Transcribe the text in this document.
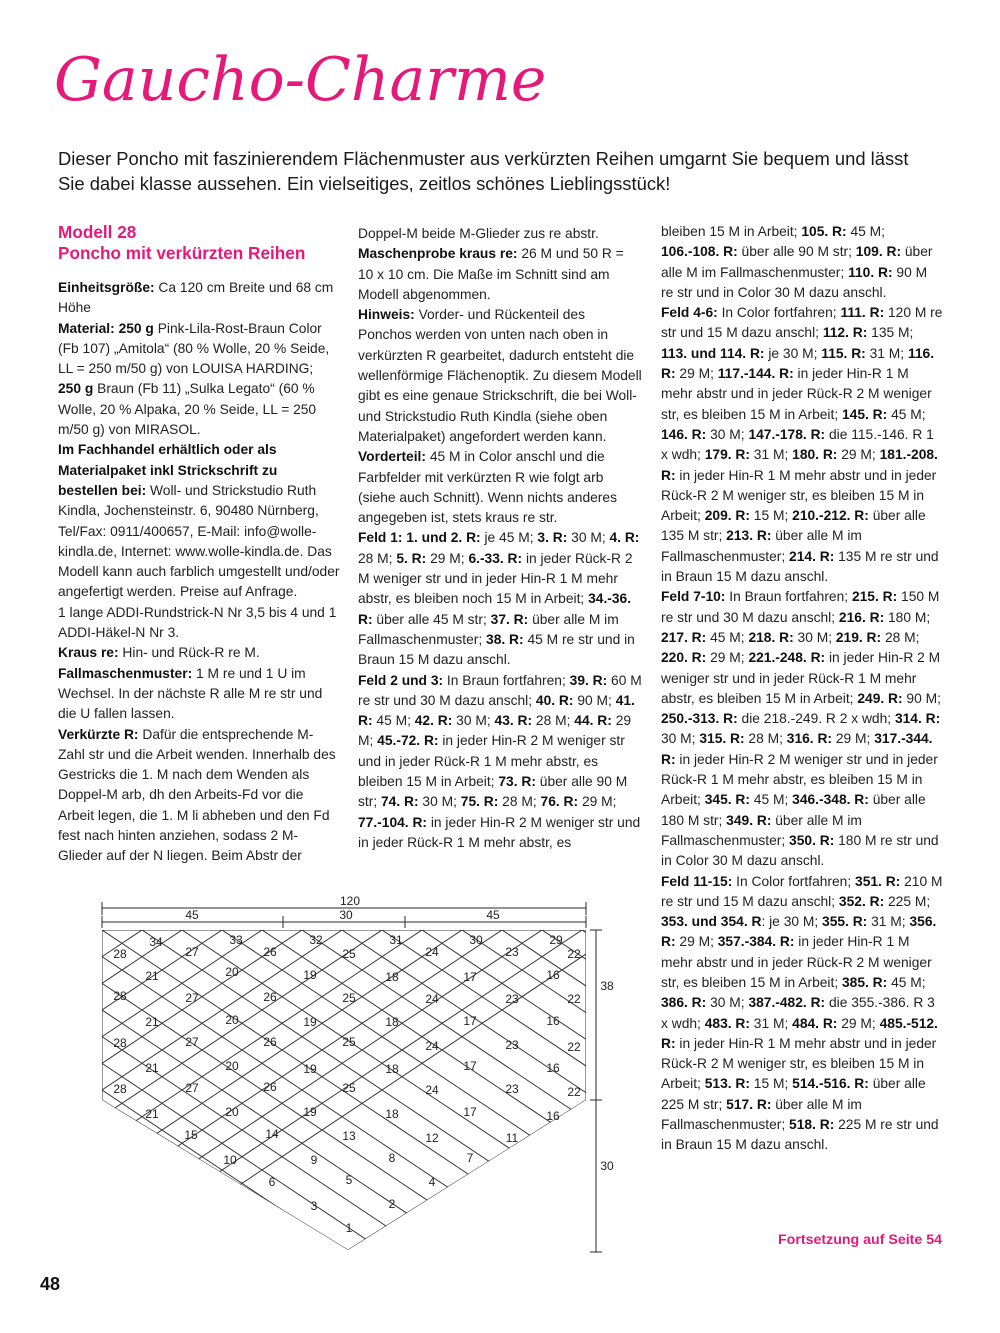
Gaucho-Charme
Dieser Poncho mit faszinierendem Flächenmuster aus verkürzten Reihen umgarnt Sie bequem und lässt Sie dabei klasse aussehen. Ein vielseitiges, zeitlos schönes Lieblingsstück!
Modell 28
Poncho mit verkürzten Reihen

Einheitsgröße: Ca 120 cm Breite und 68 cm Höhe

Material: 250 g Pink-Lila-Rost-Braun Color (Fb 107) „Amitola“ (80 % Wolle, 20 % Seide, LL = 250 m/50 g) von LOUISA HARDING; 250 g Braun (Fb 11) „Sulka Legato“ (60 % Wolle, 20 % Alpaka, 20 % Seide, LL = 250 m/50 g) von MIRASOL.

Im Fachhandel erhältlich oder als Materialpaket inkl Strickschrift zu bestellen bei: Woll- und Strickstudio Ruth Kindla, Jochensteinstr. 6, 90480 Nürnberg, Tel/Fax: 0911/400657, E-Mail: info@wolle-kindla.de, Internet: www.wolle-kindla.de. Das Modell kann auch farblich umgestellt und/oder angefertigt werden. Preise auf Anfrage.

1 lange ADDI-Rundstrick-N Nr 3,5 bis 4 und 1 ADDI-Häkel-N Nr 3.

Kraus re: Hin- und Rück-R re M.

Fallmaschenmuster: 1 M re und 1 U im Wechsel. In der nächste R alle M re str und die U fallen lassen.

Verkürzte R: Dafür die entsprechende M-Zahl str und die Arbeit wenden. Innerhalb des Gestricks die 1. M nach dem Wenden als Doppel-M arb, dh den Arbeits-Fd vor die Arbeit legen, die 1. M li abheben und den Fd fest nach hinten anziehen, sodass 2 M-Glieder auf der N liegen. Beim Abstr der

Doppel-M beide M-Glieder zus re abstr.

Maschenprobe kraus re: 26 M und 50 R = 10 x 10 cm. Die Maße im Schnitt sind am Modell abgenommen.

Hinweis: Vorder- und Rückenteil des Ponchos werden von unten nach oben in verkürzten R gearbeitet, dadurch entsteht die wellenförmige Flächenoptik. Zu diesem Modell gibt es eine genaue Strickschrift, die bei Woll- und Strickstudio Ruth Kindla (siehe oben Materialpaket) angefordert werden kann.

Vorderteil: 45 M in Color anschl und die Farbfelder mit verkürzten R wie folgt arb (siehe auch Schnitt). Wenn nichts anderes angegeben ist, stets kraus re str.

Feld 1: 1. und 2. R: je 45 M; 3. R: 30 M; 4. R: 28 M; 5. R: 29 M; 6.-33. R: in jeder Rück-R 2 M weniger str und in jeder Hin-R 1 M mehr abstr, es bleiben noch 15 M in Arbeit; 34.-36. R: über alle 45 M str; 37. R: über alle M im Fallmaschenmuster; 38. R: 45 M re str und in Braun 15 M dazu anschl.

Feld 2 und 3: In Braun fortfahren; 39. R: 60 M re str und 30 M dazu anschl; 40. R: 90 M; 41. R: 45 M; 42. R: 30 M; 43. R: 28 M; 44. R: 29 M; 45.-72. R: in jeder Hin-R 2 M weniger str und in jeder Rück-R 1 M mehr abstr, es bleiben 15 M in Arbeit; 73. R: über alle 90 M str; 74. R: 30 M; 75. R: 28 M; 76. R: 29 M; 77.-104. R: in jeder Hin-R 2 M weniger str und in jeder Rück-R 1 M mehr abstr, es

bleiben 15 M in Arbeit; 105. R: 45 M; 106.-108. R: über alle 90 M str; 109. R: über alle M im Fallmaschenmuster; 110. R: 90 M re str und in Color 30 M dazu anschl.

Feld 4-6: In Color fortfahren; 111. R: 120 M re str und 15 M dazu anschl; 112. R: 135 M; 113. und 114. R: je 30 M; 115. R: 31 M; 116. R: 29 M; 117.-144. R: in jeder Hin-R 1 M mehr abstr und in jeder Rück-R 2 M weniger str, es bleiben 15 M in Arbeit; 145. R: 45 M; 146. R: 30 M; 147.-178. R: die 115.-146. R 1 x wdh; 179. R: 31 M; 180. R: 29 M; 181.-208. R: in jeder Hin-R 1 M mehr abstr und in jeder Rück-R 2 M weniger str, es bleiben 15 M in Arbeit; 209. R: 15 M; 210.-212. R: über alle 135 M str; 213. R: über alle M im Fallmaschenmuster; 214. R: 135 M re str und in Braun 15 M dazu anschl.

Feld 7-10: In Braun fortfahren; 215. R: 150 M re str und 30 M dazu anschl; 216. R: 180 M; 217. R: 45 M; 218. R: 30 M; 219. R: 28 M; 220. R: 29 M; 221.-248. R: in jeder Hin-R 2 M weniger str und in jeder Rück-R 1 M mehr abstr, es bleiben 15 M in Arbeit; 249. R: 90 M; 250.-313. R: die 218.-249. R 2 x wdh; 314. R: 30 M; 315. R: 28 M; 316. R: 29 M; 317.-344. R: in jeder Hin-R 2 M weniger str und in jeder Rück-R 1 M mehr abstr, es bleiben 15 M in Arbeit; 345. R: 45 M; 346.-348. R: über alle 180 M str; 349. R: über alle M im Fallmaschenmuster; 350. R: 180 M re str und in Color 30 M dazu anschl.

Feld 11-15: In Color fortfahren; 351. R: 210 M re str und 15 M dazu anschl; 352. R: 225 M; 353. und 354. R: je 30 M; 355. R: 31 M; 356. R: 29 M; 357.-384. R: in jeder Hin-R 1 M mehr abstr und in jeder Rück-R 2 M weniger str, es bleiben 15 M in Arbeit; 385. R: 45 M; 386. R: 30 M; 387.-482. R: die 355.-386. R 3 x wdh; 483. R: 31 M; 484. R: 29 M; 485.-512. R: in jeder Hin-R 1 M mehr abstr und in jeder Rück-R 2 M weniger str, es bleiben 15 M in Arbeit; 513. R: 15 M; 514.-516. R: über alle 225 M str; 517. R: über alle M im Fallmaschenmuster; 518. R: 225 M re str und in Braun 15 M dazu anschl.

34	33	32	31	30	29
28	27	26	25	24	23	22
21	20	19	18	17	16
28	27	26	25	24	23	22
21	20	19	18	17	16
28	27	26	25	24	23	22
21	20	19	18	17	16
28	27	26	25	24	23	22
21	20	19	18	17	16
15	14	13	12	11
10	9	8	7
6	5	4
3	2
1
120
45	30	45
38
30
Fortsetzung auf Seite 54
48
